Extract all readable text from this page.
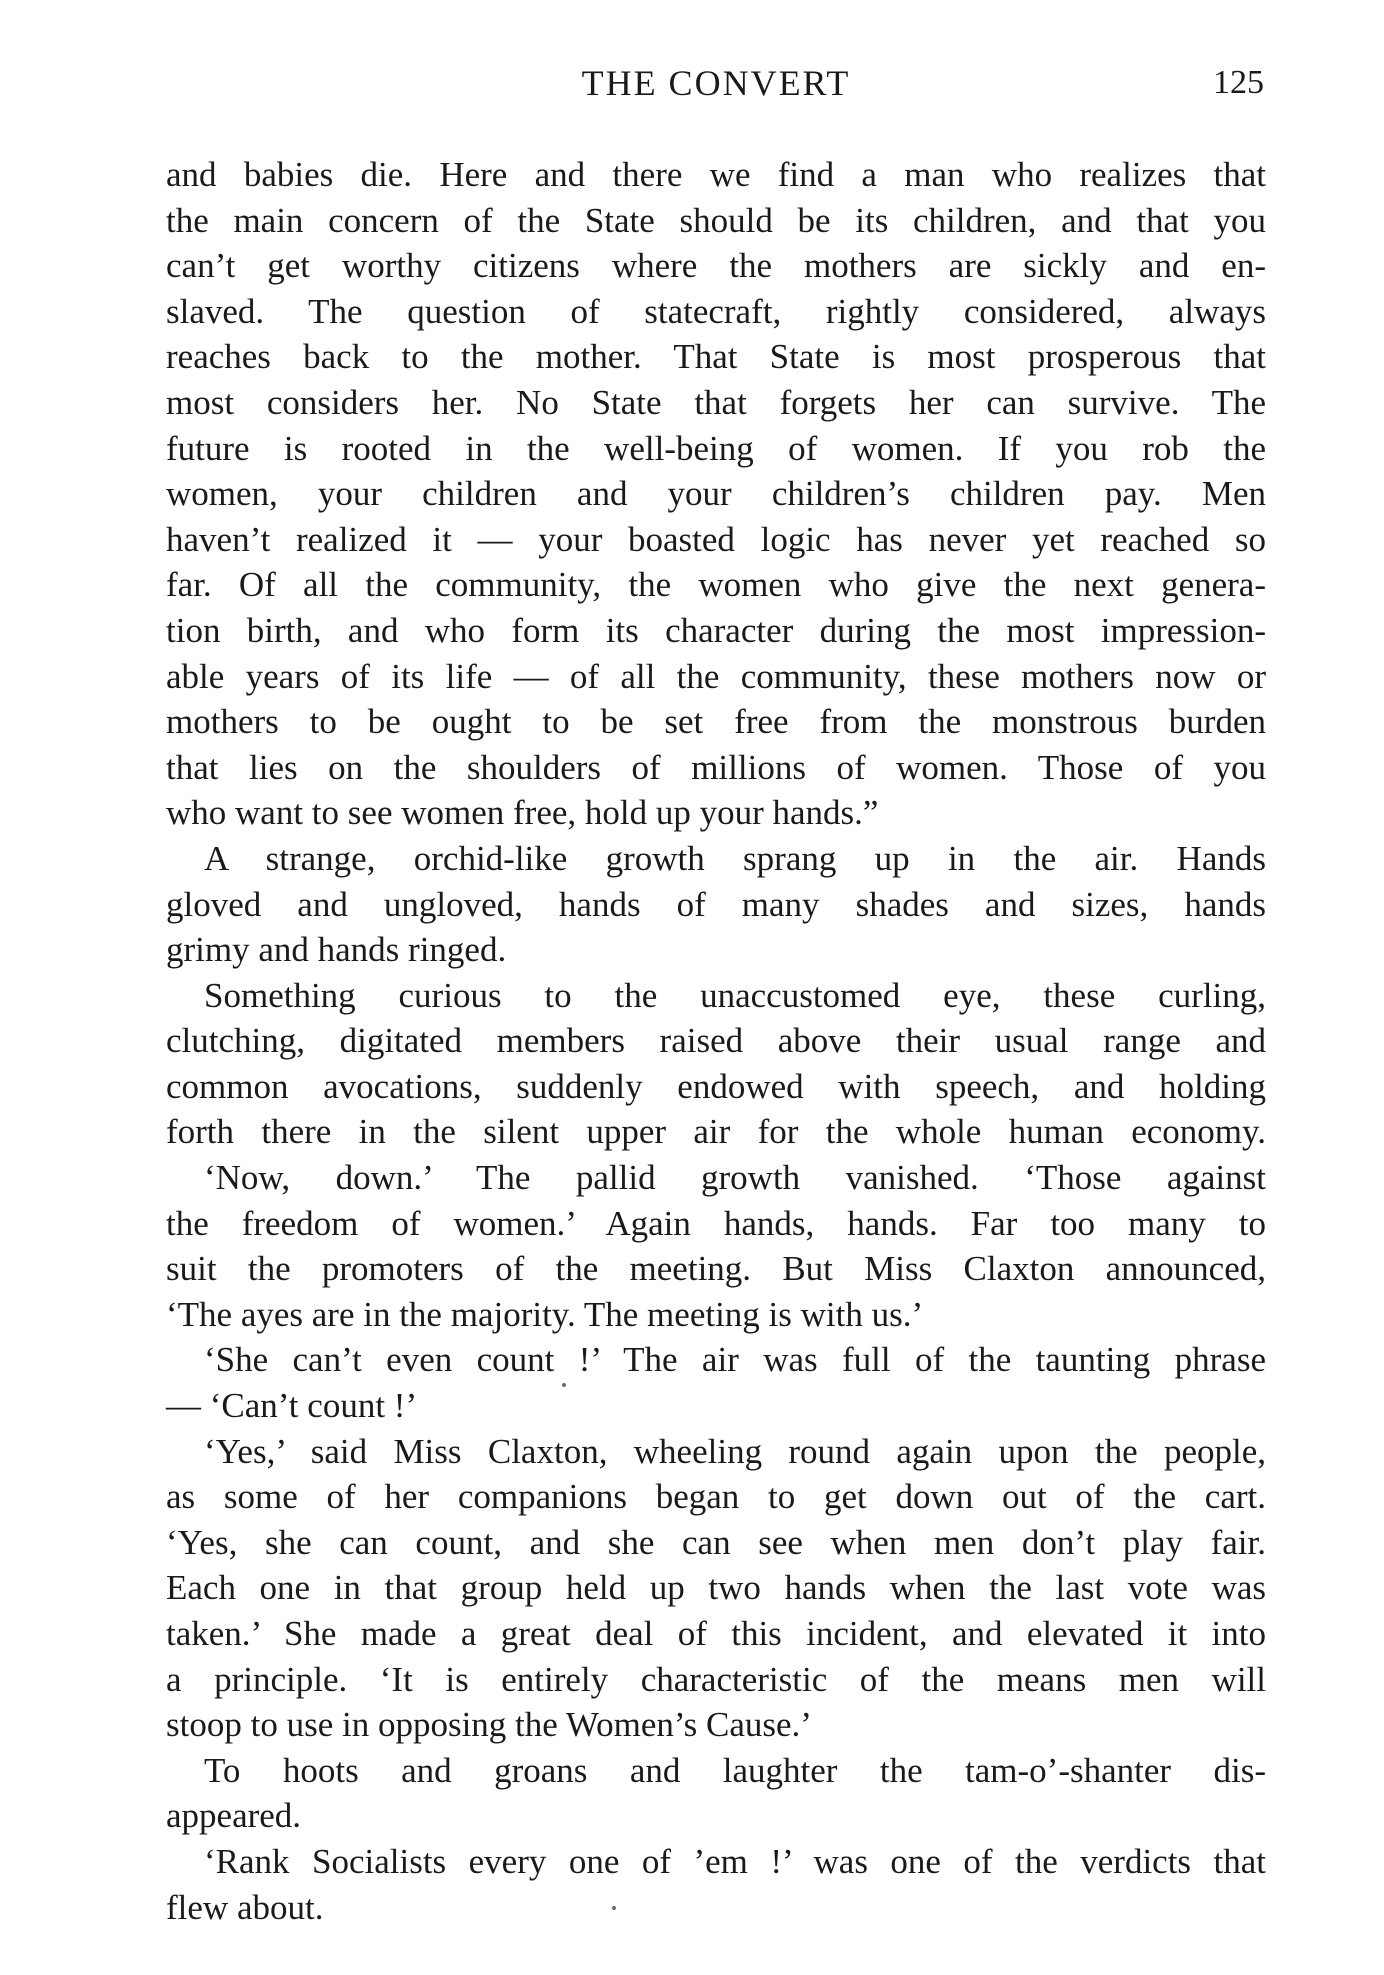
THE CONVERT	125
and babies die. Here and there we find a man who realizes that
the main concern of the State should be its children, and that you
can’t get worthy citizens where the mothers are sickly and en-
slaved. The question of statecraft, rightly considered, always
reaches back to the mother. That State is most prosperous that
most considers her. No State that forgets her can survive. The
future is rooted in the well-being of women. If you rob the
women, your children and your children’s children pay. Men
haven’t realized it — your boasted logic has never yet reached so
far. Of all the community, the women who give the next genera-
tion birth, and who form its character during the most impression-
able years of its life — of all the community, these mothers now or
mothers to be ought to be set free from the monstrous burden
that lies on the shoulders of millions of women. Those of you
who want to see women free, hold up your hands.”
A strange, orchid-like growth sprang up in the air. Hands
gloved and ungloved, hands of many shades and sizes, hands
grimy and hands ringed.
Something curious to the unaccustomed eye, these curling,
clutching, digitated members raised above their usual range and
common avocations, suddenly endowed with speech, and holding
forth there in the silent upper air for the whole human economy.
‘Now, down.’ The pallid growth vanished. ‘Those against
the freedom of women.’ Again hands, hands. Far too many to
suit the promoters of the meeting. But Miss Claxton announced,
‘The ayes are in the majority. The meeting is with us.’
‘She can’t even count !’ The air was full of the taunting phrase
— ‘Can’t count !’
‘Yes,’ said Miss Claxton, wheeling round again upon the people,
as some of her companions began to get down out of the cart.
‘Yes, she can count, and she can see when men don’t play fair.
Each one in that group held up two hands when the last vote was
taken.’ She made a great deal of this incident, and elevated it into
a principle. ‘It is entirely characteristic of the means men will
stoop to use in opposing the Women’s Cause.’
To hoots and groans and laughter the tam-o’-shanter dis-
appeared.
‘Rank Socialists every one of ’em !’ was one of the verdicts that
flew about.
